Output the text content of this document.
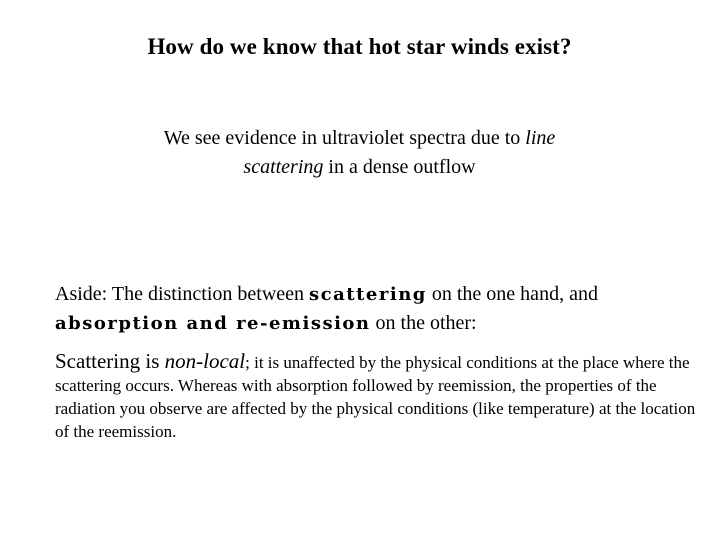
How do we know that hot star winds exist?
We see evidence in ultraviolet spectra due to line
scattering in a dense outflow
Aside: The distinction between scattering on the one hand, and
absorption and re-emission on the other:
Scattering is non-local; it is unaffected by the physical conditions at the place where the scattering occurs. Whereas with absorption followed by reemission, the properties of the radiation you observe are affected by the physical conditions (like temperature) at the location of the reemission.
